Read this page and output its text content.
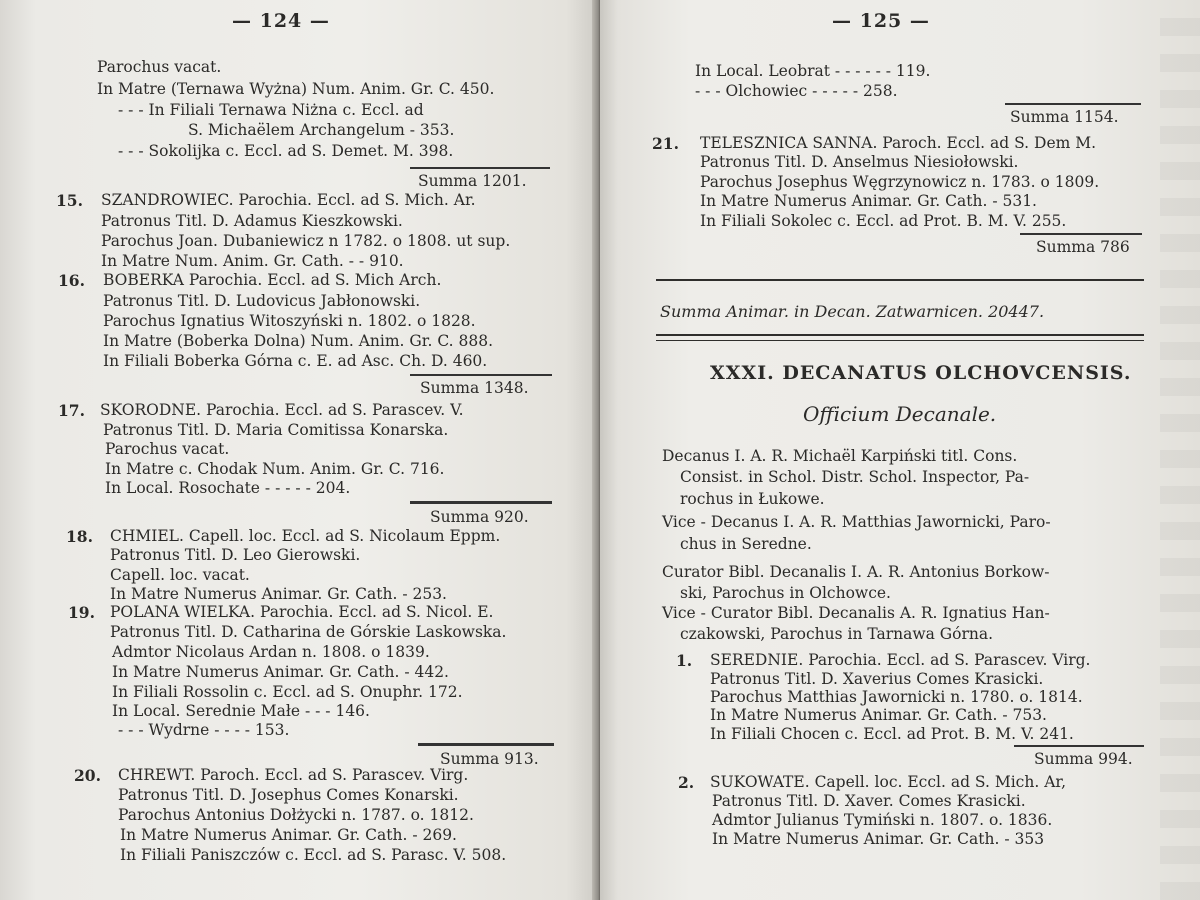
— 124 —
Parochus vacat.
In Matre (Ternawa Wyżna) Num. Anim. Gr. C. 450.
- - - In Filiali Ternawa Niżna c. Eccl. ad
S. Michaëlem Archangelum - 353.
- - - Sokolijka c. Eccl. ad S. Demet. M. 398.
Summa 1201.
15. SZANDROWIEC. Parochia. Eccl. ad S. Mich. Ar.
Patronus Titl. D. Adamus Kieszkowski.
Parochus Joan. Dubaniewicz n 1782. o 1808. ut sup.
In Matre Num. Anim. Gr. Cath. - - 910.
16. BOBERKA Parochia. Eccl. ad S. Mich Arch.
Patronus Titl. D. Ludovicus Jabłonowski.
Parochus Ignatius Witoszyński n. 1802. o 1828.
In Matre (Boberka Dolna) Num. Anim. Gr. C. 888.
In Filiali Boberka Górna c. E. ad Asc. Ch. D. 460.
Summa 1348.
17. SKORODNE. Parochia. Eccl. ad S. Parascev. V.
Patronus Titl. D. Maria Comitissa Konarska.
Parochus vacat.
In Matre c. Chodak Num. Anim. Gr. C. 716.
In Local. Rosochate - - - - - 204.
Summa 920.
18. CHMIEL. Capell. loc. Eccl. ad S. Nicolaum Eppm.
Patronus Titl. D. Leo Gierowski.
Capell. loc. vacat.
In Matre Numerus Animar. Gr. Cath. - 253.
19. POLANA WIELKA. Parochia. Eccl. ad S. Nicol. E.
Patronus Titl. D. Catharina de Górskie Laskowska.
Admtor Nicolaus Ardan n. 1808. o 1839.
In Matre Numerus Animar. Gr. Cath. - 442.
In Filiali Rossolin c. Eccl. ad S. Onuphr. 172.
In Local. Serednie Małe - - - 146.
- - - Wydrne - - - - 153.
Summa 913.
20. CHREWT. Paroch. Eccl. ad S. Parascev. Virg.
Patronus Titl. D. Josephus Comes Konarski.
Parochus Antonius Dołżycki n. 1787. o. 1812.
In Matre Numerus Animar. Gr. Cath. - 269.
In Filiali Paniszczów c. Eccl. ad S. Parasc. V. 508.
— 125 —
In Local. Leobrat - - - - - - 119.
- - - Olchowiec - - - - - 258.
Summa 1154.
21. TELESZNICA SANNA. Paroch. Eccl. ad S. Dem M.
Patronus Titl. D. Anselmus Niesiołowski.
Parochus Josephus Węgrzynowicz n. 1783. o 1809.
In Matre Numerus Animar. Gr. Cath. - 531.
In Filiali Sokolec c. Eccl. ad Prot. B. M. V. 255.
Summa 786
Summa Animar. in Decan. Zatwarnicen. 20447.
XXXI. DECANATUS OLCHOVCENSIS.
Officium Decanale.
Decanus I. A. R. Michaël Karpiński titl. Cons.
Consist. in Schol. Distr. Schol. Inspector, Pa-
rochus in Łukowe.
Vice - Decanus I. A. R. Matthias Jawornicki, Paro-
chus in Seredne.
Curator Bibl. Decanalis I. A. R. Antonius Borkow-
ski, Parochus in Olchowce.
Vice - Curator Bibl. Decanalis A. R. Ignatius Han-
czakowski, Parochus in Tarnawa Górna.
1. SEREDNIE. Parochia. Eccl. ad S. Parascev. Virg.
Patronus Titl. D. Xaverius Comes Krasicki.
Parochus Matthias Jawornicki n. 1780. o. 1814.
In Matre Numerus Animar. Gr. Cath. - 753.
In Filiali Chocen c. Eccl. ad Prot. B. M. V. 241.
Summa 994.
2. SUKOWATE. Capell. loc. Eccl. ad S. Mich. Ar,
Patronus Titl. D. Xaver. Comes Krasicki.
Admtor Julianus Tymiński n. 1807. o. 1836.
In Matre Numerus Animar. Gr. Cath. - 353
